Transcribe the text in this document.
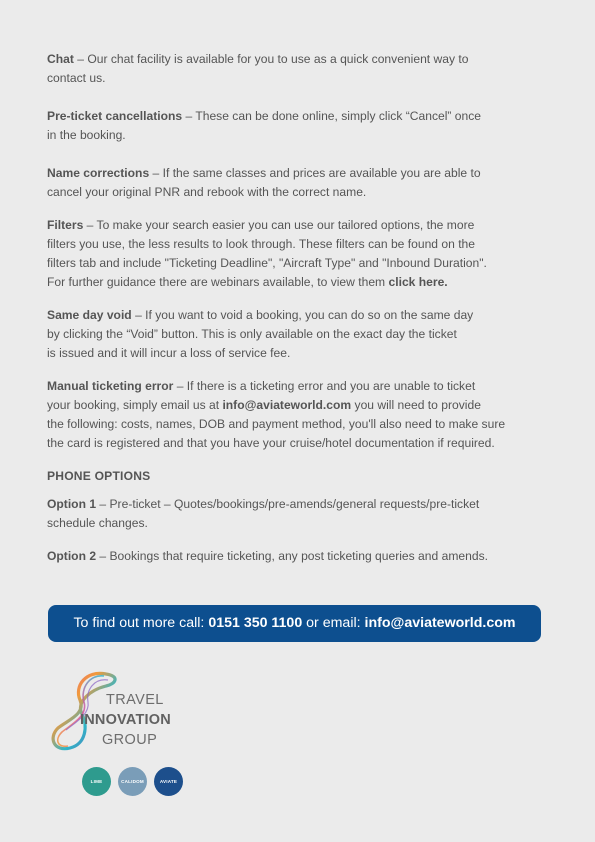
Chat – Our chat facility is available for you to use as a quick convenient way to
contact us.
Pre-ticket cancellations – These can be done online, simply click “Cancel” once
in the booking.
Name corrections – If the same classes and prices are available you are able to
cancel your original PNR and rebook with the correct name.
Filters – To make your search easier you can use our tailored options, the more
filters you use, the less results to look through. These filters can be found on the
filters tab and include "Ticketing Deadline", "Aircraft Type" and "Inbound Duration".
For further guidance there are webinars available, to view them click here.
Same day void – If you want to void a booking, you can do so on the same day
by clicking the “Void” button. This is only available on the exact day the ticket
is issued and it will incur a loss of service fee.
Manual ticketing error – If there is a ticketing error and you are unable to ticket
your booking, simply email us at info@aviateworld.com you will need to provide
the following: costs, names, DOB and payment method, you'll also need to make sure
the card is registered and that you have your cruise/hotel documentation if required.
PHONE OPTIONS
Option 1 – Pre-ticket – Quotes/bookings/pre-amends/general requests/pre-ticket
schedule changes.
Option 2 – Bookings that require ticketing, any post ticketing queries and amends.
To find out more call: 0151 350 1100 or email: info@aviateworld.com
TRAVEL
INNOVATION
GROUP
LIME	CALIDOM	AVIATE
